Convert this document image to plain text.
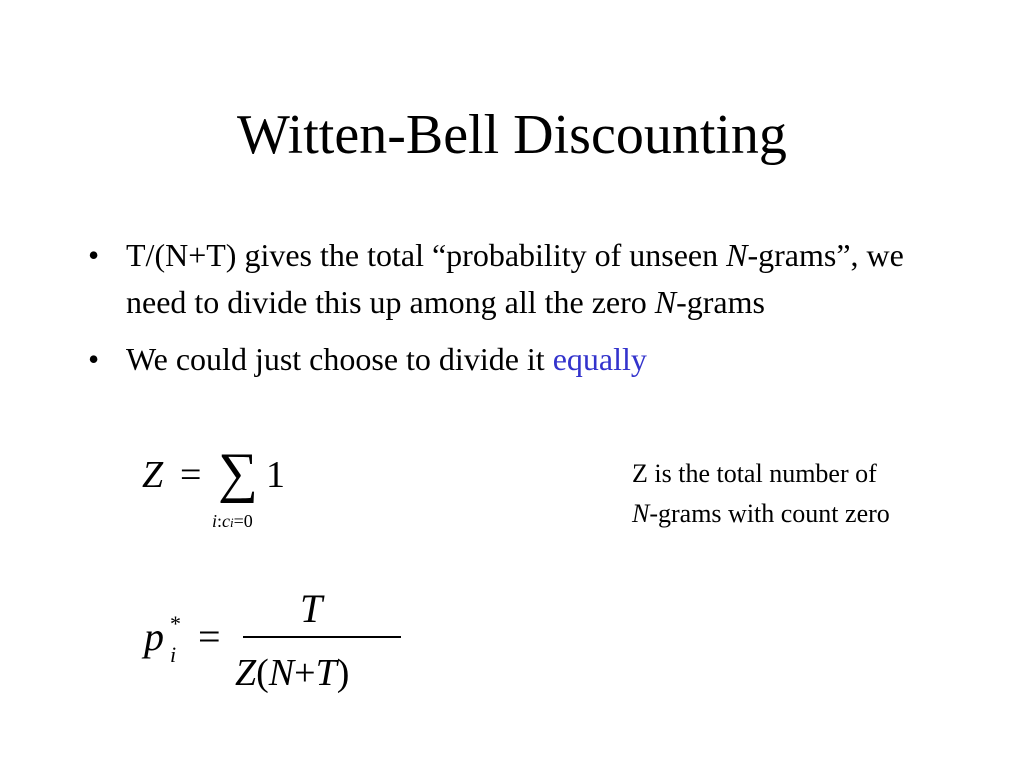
Witten-Bell Discounting
• T/(N+T) gives the total “probability of unseen N-grams”, we need to divide this up among all the zero N-grams
• We could just choose to divide it equally
Z = ∑ 1
i:ci=0
Z is the total number of
N-grams with count zero
p i
* =
T
Z(N+T)
